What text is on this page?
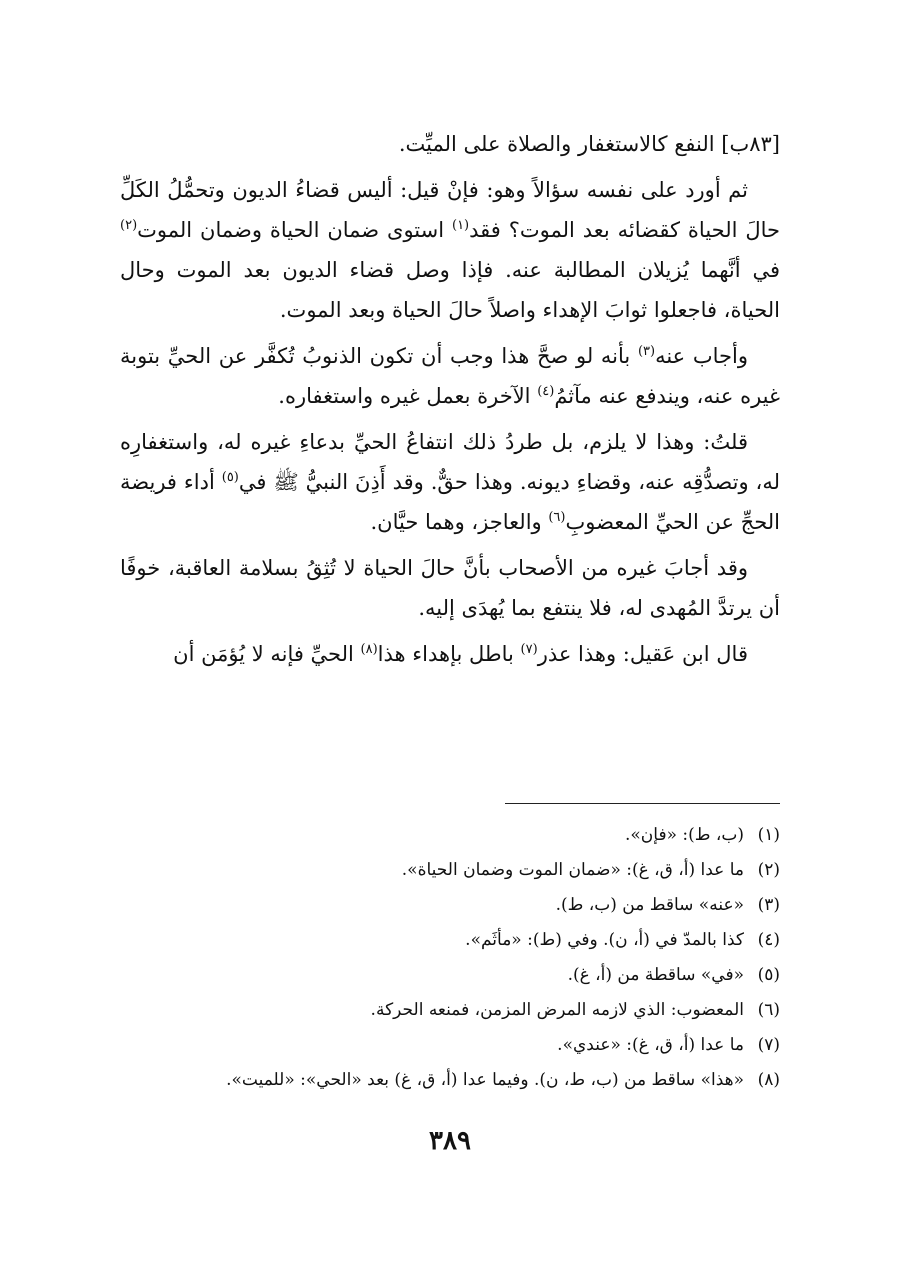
[٨٣ب] النفع كالاستغفار والصلاة على الميِّت.

ثم أورد على نفسه سؤالاً وهو: فإنْ قيل: أليس قضاءُ الديون وتحمُّلُ الكَلِّ حالَ الحياة كقضائه بعد الموت؟ فقد$^{(١)}$ استوى ضمان الحياة وضمان الموت$^{(٢)}$ في أنَّهما يُزيلان المطالبة عنه. فإذا وصل قضاء الديون بعد الموت وحال الحياة، فاجعلوا ثوابَ الإهداء واصلاً حالَ الحياة وبعد الموت.

وأجاب عنه$^{(٣)}$ بأنه لو صحَّ هذا وجب أن تكون الذنوبُ تُكفَّر عن الحيِّ بتوبة غيره عنه، ويندفع عنه مآثمُ$^{(٤)}$ الآخرة بعمل غيره واستغفاره.

قلتُ: وهذا لا يلزم، بل طردُ ذلك انتفاعُ الحيِّ بدعاءِ غيره له، واستغفارِه له، وتصدُّقِه عنه، وقضاءِ ديونه. وهذا حقٌّ. وقد أَذِنَ النبيُّ ﷺ في$^{(٥)}$ أداء فريضة الحجِّ عن الحيِّ المعضوبِ$^{(٦)}$ والعاجز، وهما حيَّان.

وقد أجابَ غيره من الأصحاب بأنَّ حالَ الحياة لا تُثِقُ بسلامة العاقبة، خوفًا أن يرتدَّ المُهدى له، فلا ينتفع بما يُهدَى إليه.

قال ابن عَقيل: وهذا عذر$^{(٧)}$ باطل بإهداء هذا$^{(٨)}$ الحيِّ فإنه لا يُؤمَن أن

(١)
(ب، ط): «فإن».
(٢)
ما عدا (أ، ق، غ): «ضمان الموت وضمان الحياة».
(٣)
«عنه» ساقط من (ب، ط).
(٤)
كذا بالمدّ في (أ، ن). وفي (ط): «مأثَم».
(٥)
«في» ساقطة من (أ، غ).
(٦)
المعضوب: الذي لازمه المرض المزمن، فمنعه الحركة.
(٧)
ما عدا (أ، ق، غ): «عندي».
(٨)
«هذا» ساقط من (ب، ط، ن). وفيما عدا (أ، ق، غ) بعد «الحي»: «للميت».
٣٨٩
